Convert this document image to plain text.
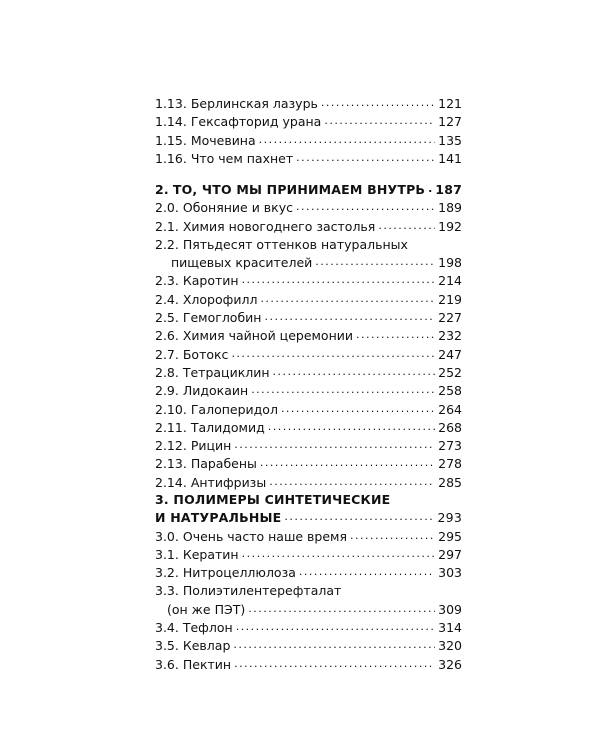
1.13. Берлинская лазурь . . .	121
1.14. Гексафторид урана . . .	127
1.15. Мочевина . . .	135
1.16. Что чем пахнет . . .	141
2. ТО, ЧТО МЫ ПРИНИМАЕМ ВНУТРЬ . . . 187
2.0. Обоняние и вкус . . .	189
2.1. Химия новогоднего застолья . . .	192
2.2. Пятьдесят оттенков натуральных
пищевых красителей . . .	198
2.3. Каротин . . .	214
2.4. Хлорофилл . . .	219
2.5. Гемоглобин . . .	227
2.6. Химия чайной церемонии . . .	232
2.7. Ботокс . . .	247
2.8. Тетрациклин . . .	252
2.9. Лидокаин . . .	258
2.10. Галоперидол . . .	264
2.11. Талидомид . . .	268
2.12. Рицин . . .	273
2.13. Парабены . . .	278
2.14. Антифризы . . .	285
3. ПОЛИМЕРЫ СИНТЕТИЧЕСКИЕ
И НАТУРАЛЬНЫЕ . . .	293
3.0. Очень часто наше время . . .	295
3.1. Кератин . . .	297
3.2. Нитроцеллюлоза . . .	303
3.3. Полиэтилентерефталат
(он же ПЭТ) . . .	309
3.4. Тефлон . . .	314
3.5. Кевлар . . .	320
3.6. Пектин . . .	326
